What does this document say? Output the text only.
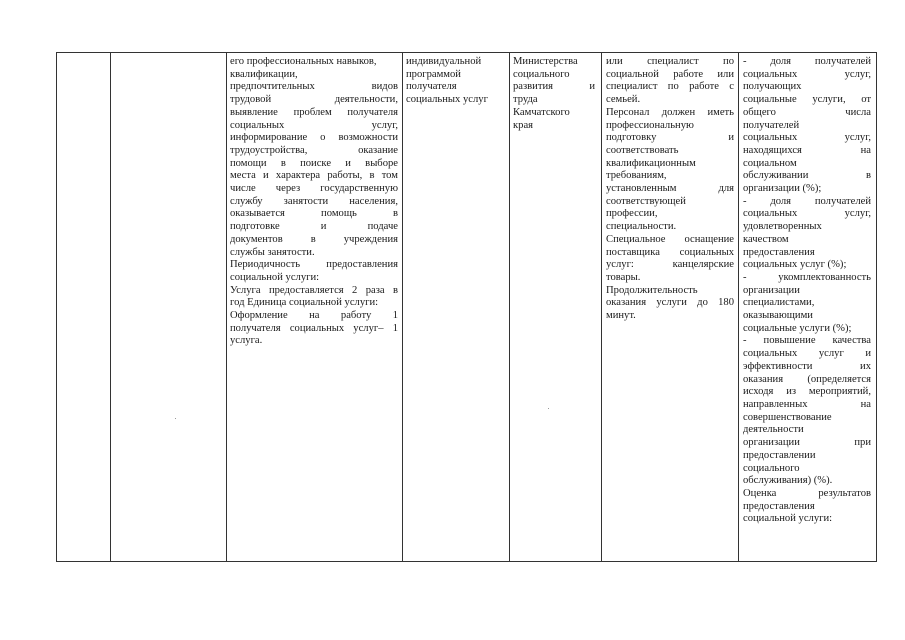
его профессиональных навыков,
квалификации,
предпочтительных видов
трудовой деятельности,
выявление проблем получателя
социальных услуг,
информирование о возможности
трудоустройства, оказание
помощи в поиске и выборе
места и характера работы, в том
числе через государственную
службу занятости населения,
оказывается помощь в
подготовке и подаче
документов в учреждения
службы занятости.
Периодичность предоставления
социальной услуги:
Услуга предоставляется 2 раза в
год Единица социальной услуги:
Оформление на работу 1
получателя социальных услуг– 1
услуга.
индивидуальной
программой
получателя
социальных услуг
Министерства
социального
развития и
труда
Камчатского
края
или специалист по
социальной работе или
специалист по работе с
семьей.
Персонал должен иметь
профессиональную
подготовку и
соответствовать
квалификационным
требованиям,
установленным для
соответствующей
профессии,
специальности.
Специальное оснащение
поставщика социальных
услуг: канцелярские
товары.
Продолжительность
оказания услуги до 180
минут.
- доля получателей
социальных услуг,
получающих
социальные услуги, от
общего числа
получателей
социальных услуг,
находящихся на
социальном
обслуживании в
организации (%);
- доля получателей
социальных услуг,
удовлетворенных
качеством
предоставления
социальных услуг (%);
- укомплектованность
организации
специалистами,
оказывающими
социальные услуги (%);
- повышение качества
социальных услуг и
эффективности их
оказания (определяется
исходя из мероприятий,
направленных на
совершенствование
деятельности
организации при
предоставлении
социального
обслуживания) (%).
Оценка результатов
предоставления
социальной услуги:
